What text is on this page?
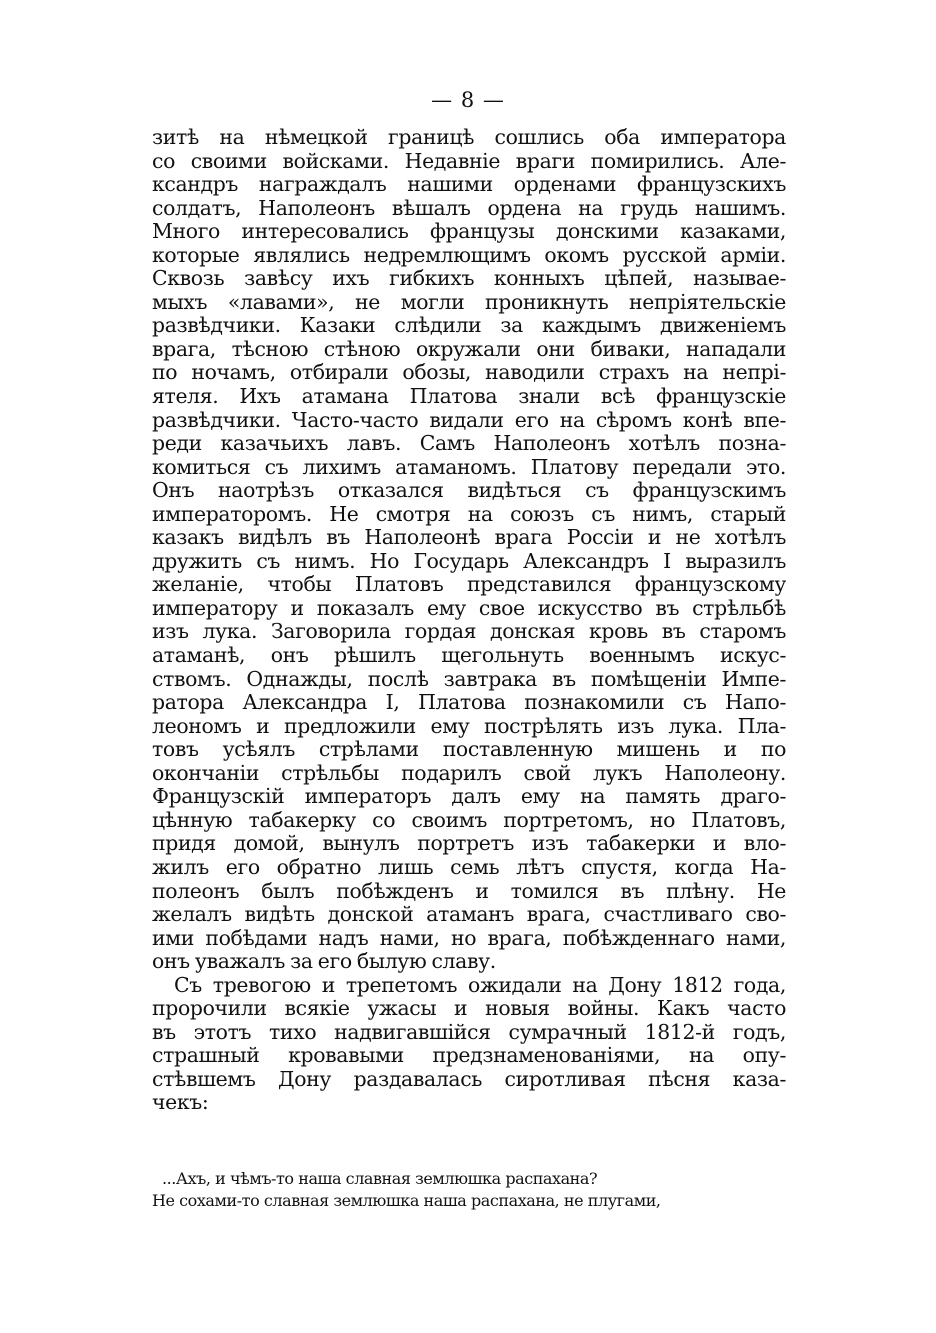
— 8 —
зитѣ на нѣмецкой границѣ сошлись оба императора
со своими войсками. Недавніе враги помирились. Але-
ксандръ награждалъ нашими орденами французскихъ
солдатъ, Наполеонъ вѣшалъ ордена на грудь нашимъ.
Много интересовались французы донскими казаками,
которые являлись недремлющимъ окомъ русской арміи.
Сквозь завѣсу ихъ гибкихъ конныхъ цѣпей, называе-
мыхъ «лавами», не могли проникнуть непріятельскіе
развѣдчики. Казаки слѣдили за каждымъ движеніемъ
врага, тѣсною стѣною окружали они биваки, нападали
по ночамъ, отбирали обозы, наводили страхъ на непрі-
ятеля. Ихъ атамана Платова знали всѣ французскіе
развѣдчики. Часто-часто видали его на сѣромъ конѣ впе-
реди казачьихъ лавъ. Самъ Наполеонъ хотѣлъ позна-
комиться съ лихимъ атаманомъ. Платову передали это.
Онъ наотрѣзъ отказался видѣться съ французскимъ
императоромъ. Не смотря на союзъ съ нимъ, старый
казакъ видѣлъ въ Наполеонѣ врага Россіи и не хотѣлъ
дружить съ нимъ. Но Государь Александръ I выразилъ
желаніе, чтобы Платовъ представился французскому
императору и показалъ ему свое искусство въ стрѣльбѣ
изъ лука. Заговорила гордая донская кровь въ старомъ
атаманѣ, онъ рѣшилъ щегольнуть военнымъ искус-
ствомъ. Однажды, послѣ завтрака въ помѣщеніи Импе-
ратора Александра I, Платова познакомили съ Напо-
леономъ и предложили ему пострѣлять изъ лука. Пла-
товъ усѣялъ стрѣлами поставленную мишень и по
окончаніи стрѣльбы подарилъ свой лукъ Наполеону.
Французскій императоръ далъ ему на память драго-
цѣнную табакерку со своимъ портретомъ, но Платовъ,
придя домой, вынулъ портретъ изъ табакерки и вло-
жилъ его обратно лишь семь лѣтъ спустя, когда На-
полеонъ былъ побѣжденъ и томился въ плѣну. Не
желалъ видѣть донской атаманъ врага, счастливаго сво-
ими побѣдами надъ нами, но врага, побѣжденнаго нами,
онъ уважалъ за его былую славу.
Съ тревогою и трепетомъ ожидали на Дону 1812 года,
пророчили всякіе ужасы и новыя войны. Какъ часто
въ этотъ тихо надвигавшійся сумрачный 1812-й годъ,
страшный кровавыми предзнаменованіями, на опу-
стѣвшемъ Дону раздавалась сиротливая пѣсня каза-
чекъ:
...Ахъ, и чѣмъ-то наша славная землюшка распахана?
Не сохами-то славная землюшка наша распахана, не плугами,
